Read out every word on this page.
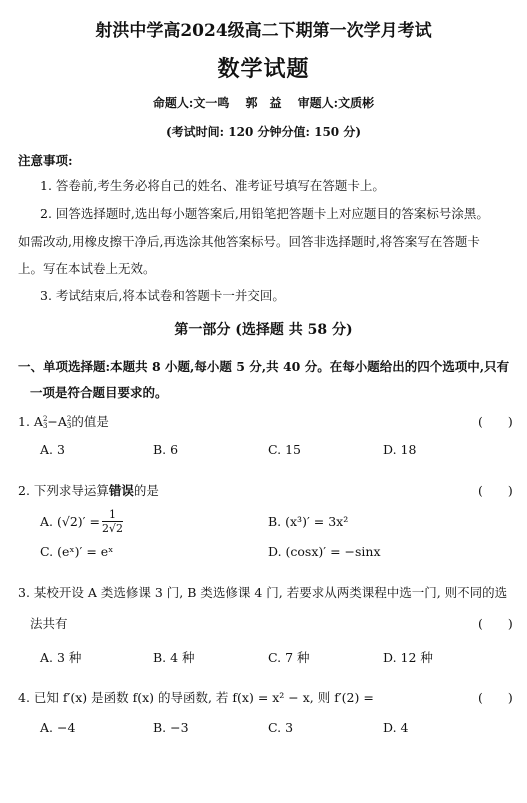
射洪中学高2024级高二下期第一次学月考试
数学试题
命题人:文一鸣　 郭　益　 审题人:文质彬
(考试时间: 120 分钟分值: 150 分)
注意事项:
1. 答卷前,考生务必将自己的姓名、准考证号填写在答题卡上。
2. 回答选择题时,选出每小题答案后,用铅笔把答题卡上对应题目的答案标号涂黑。
如需改动,用橡皮擦干净后,再选涂其他答案标号。回答非选择题时,将答案写在答题卡
上。写在本试卷上无效。
3. 考试结束后,将本试卷和答题卡一并交回。
第一部分 (选择题 共 58 分)
一、单项选择题:本题共 8 小题,每小题 5 分,共 40 分。在每小题给出的四个选项中,只有
一项是符合题目要求的。
1. A 2
3 −A 2
3 的值是	(　　)
A. 3	B. 6	C. 15	D. 18
2. 下列求导运算错误的是	(　　)
A. $(√2)' = \frac{1}{2√2}$	B. (x³)′ = 3x²
C. (eˣ)′ = eˣ	D. (cosx)′ = −sinx
3. 某校开设 A 类选修课 3 门, B 类选修课 4 门, 若要求从两类课程中选一门, 则不同的选
法共有	(　　)
A. 3 种	B. 4 种	C. 7 种	D. 12 种
4. 已知 f′(x) 是函数 f(x) 的导函数, 若 f(x) = x² − x, 则 f′(2) =	(　　)
A. −4	B. −3	C. 3	D. 4
